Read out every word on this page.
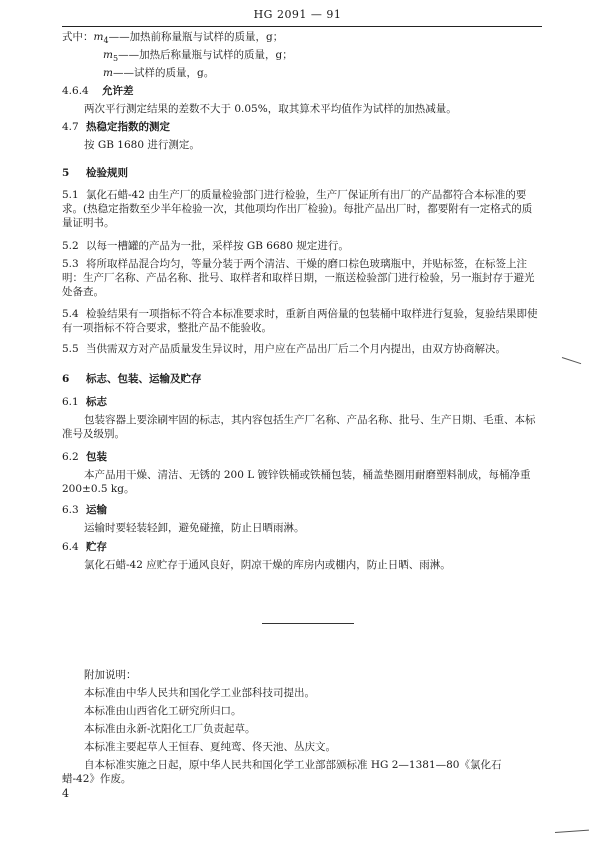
HG 2091 — 91
式中：$m_4——$加热前称量瓶与试样的质量，g；
$m_5——$加热后称量瓶与试样的质量，g；
m——试样的质量，g。
4.6.4 允许差
两次平行测定结果的差数不大于 0.05%，取其算术平均值作为试样的加热减量。
4.7 热稳定指数的测定
按 GB 1680 进行测定。
5 检验规则
5.1 氯化石蜡-42 由生产厂的质量检验部门进行检验，生产厂保证所有出厂的产品都符合本标准的要求。(热稳定指数至少半年检验一次，其他项均作出厂检验)。每批产品出厂时，都要附有一定格式的质量证明书。
5.2 以每一槽罐的产品为一批，采样按 GB 6680 规定进行。
5.3 将所取样品混合均匀，等量分装于两个清洁、干燥的磨口棕色玻璃瓶中，并贴标签，在标签上注明：生产厂名称、产品名称、批号、取样者和取样日期，一瓶送检验部门进行检验，另一瓶封存于避光处备查。
5.4 检验结果有一项指标不符合本标准要求时，重新自两倍量的包装桶中取样进行复验，复验结果即使有一项指标不符合要求，整批产品不能验收。
5.5 当供需双方对产品质量发生异议时，用户应在产品出厂后二个月内提出，由双方协商解决。
6 标志、包装、运输及贮存
6.1 标志
包装容器上要涂刷牢固的标志，其内容包括生产厂名称、产品名称、批号、生产日期、毛重、本标准号及级别。
6.2 包装
本产品用干燥、清洁、无锈的 200 L 镀锌铁桶或铁桶包装，桶盖垫圈用耐磨塑料制成，每桶净重 200±0.5 kg。
6.3 运输
运输时要轻装轻卸，避免碰撞，防止日晒雨淋。
6.4 贮存
氯化石蜡-42 应贮存于通风良好，阴凉干燥的库房内或棚内，防止日晒、雨淋。
附加说明：
本标准由中华人民共和国化学工业部科技司提出。
本标准由山西省化工研究所归口。
本标准由永新-沈阳化工厂负责起草。
本标准主要起草人王恒春、夏纯鸾、佟天池、丛庆文。
自本标准实施之日起，原中华人民共和国化学工业部部颁标准 HG 2—1381—80《氯化石蜡-42》作废。
4
